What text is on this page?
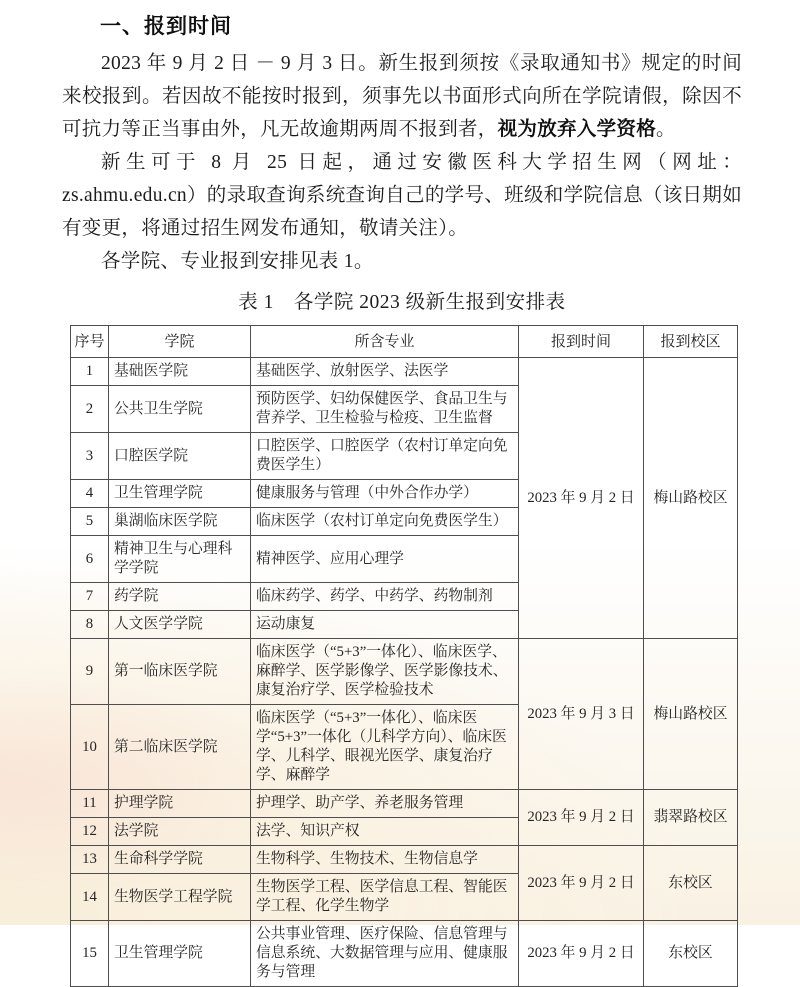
一、报到时间

2023 年 9 月 2 日 － 9 月 3 日。新生报到须按《录取通知书》规定的时间来校报到。若因故不能按时报到，须事先以书面形式向所在学院请假，除因不可抗力等正当事由外，凡无故逾期两周不报到者，视为放弃入学资格。

新生可于 8 月 25 日起，通过安徽医科大学招生网（网址：zs.ahmu.edu.cn）的录取查询系统查询自己的学号、班级和学院信息（该日期如有变更，将通过招生网发布通知，敬请关注）。

各学院、专业报到安排见表 1。

表 1　各学院 2023 级新生报到安排表
序号	学院	所含专业	报到时间	报到校区
1	基础医学院	基础医学、放射医学、法医学	2023 年 9 月 2 日	梅山路校区
2	公共卫生学院	预防医学、妇幼保健医学、食品卫生与营养学、卫生检验与检疫、卫生监督		
3	口腔医学院	口腔医学、口腔医学（农村订单定向免费医学生）		
4	卫生管理学院	健康服务与管理（中外合作办学）		
5	巢湖临床医学院	临床医学（农村订单定向免费医学生）		
6	精神卫生与心理科学学院	精神医学、应用心理学		
7	药学院	临床药学、药学、中药学、药物制剂		
8	人文医学学院	运动康复		
9	第一临床医学院	临床医学（“5+3”一体化）、临床医学、麻醉学、医学影像学、医学影像技术、康复治疗学、医学检验技术	2023 年 9 月 3 日	梅山路校区
10	第二临床医学院	临床医学（“5+3”一体化）、临床医学“5+3”一体化（儿科学方向）、临床医学、儿科学、眼视光医学、康复治疗学、麻醉学		
11	护理学院	护理学、助产学、养老服务管理	2023 年 9 月 2 日	翡翠路校区
12	法学院	法学、知识产权		
13	生命科学学院	生物科学、生物技术、生物信息学	2023 年 9 月 2 日	东校区
14	生物医学工程学院	生物医学工程、医学信息工程、智能医学工程、化学生物学		
15	卫生管理学院	公共事业管理、医疗保险、信息管理与信息系统、大数据管理与应用、健康服务与管理	2023 年 9 月 2 日	东校区
